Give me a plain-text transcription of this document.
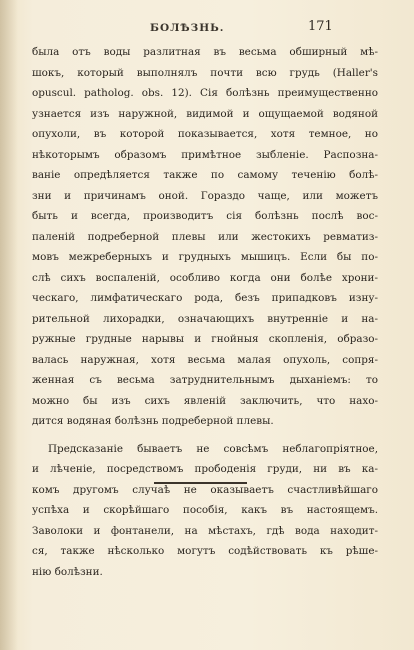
БОЛѢЗНЬ.	171
была отъ воды разлитная въ весьма обширный мѣ-
шокъ, который выполнялъ почти всю грудь (Haller's
opuscul. patholog. obs. 12). Сія болѣзнь преимущественно
узнается изъ наружной, видимой и ощущаемой водяной
опухоли, въ которой показывается, хотя темное, но
нѣкоторымъ образомъ примѣтное зыбленіе. Распозна-
ваніе опредѣляется также по самому теченію болѣ-
зни и причинамъ оной. Гораздо чаще, или можетъ
быть и всегда, производитъ сія болѣзнь послѣ вос-
паленій подреберной плевы или жестокихъ ревматиз-
мовъ межреберныхъ и грудныхъ мышицъ. Если бы по-
слѣ сихъ воспаленій, особливо когда они болѣе хрони-
ческаго, лимфатическаго рода, безъ припадковъ изну-
рительной лихорадки, означающихъ внутренніе и на-
ружные грудные нарывы и гнойныя скопленія, образо-
валась наружная, хотя весьма малая опухоль, сопря-
женная съ весьма затруднительнымъ дыханіемъ: то
можно бы изъ сихъ явленій заключить, что нахо-
дится водяная болѣзнь подреберной плевы.
Предсказаніе бываетъ не совсѣмъ неблагопріятное,
и лѣченіе, посредствомъ прободенія груди, ни въ ка-
комъ другомъ случаѣ не оказываетъ счастливѣйшаго
успѣха и скорѣйшаго пособія, какъ въ настоящемъ.
Заволоки и фонтанели, на мѣстахъ, гдѣ вода находит-
ся, также нѣсколько могутъ содѣйствовать къ рѣше-
нію болѣзни.
